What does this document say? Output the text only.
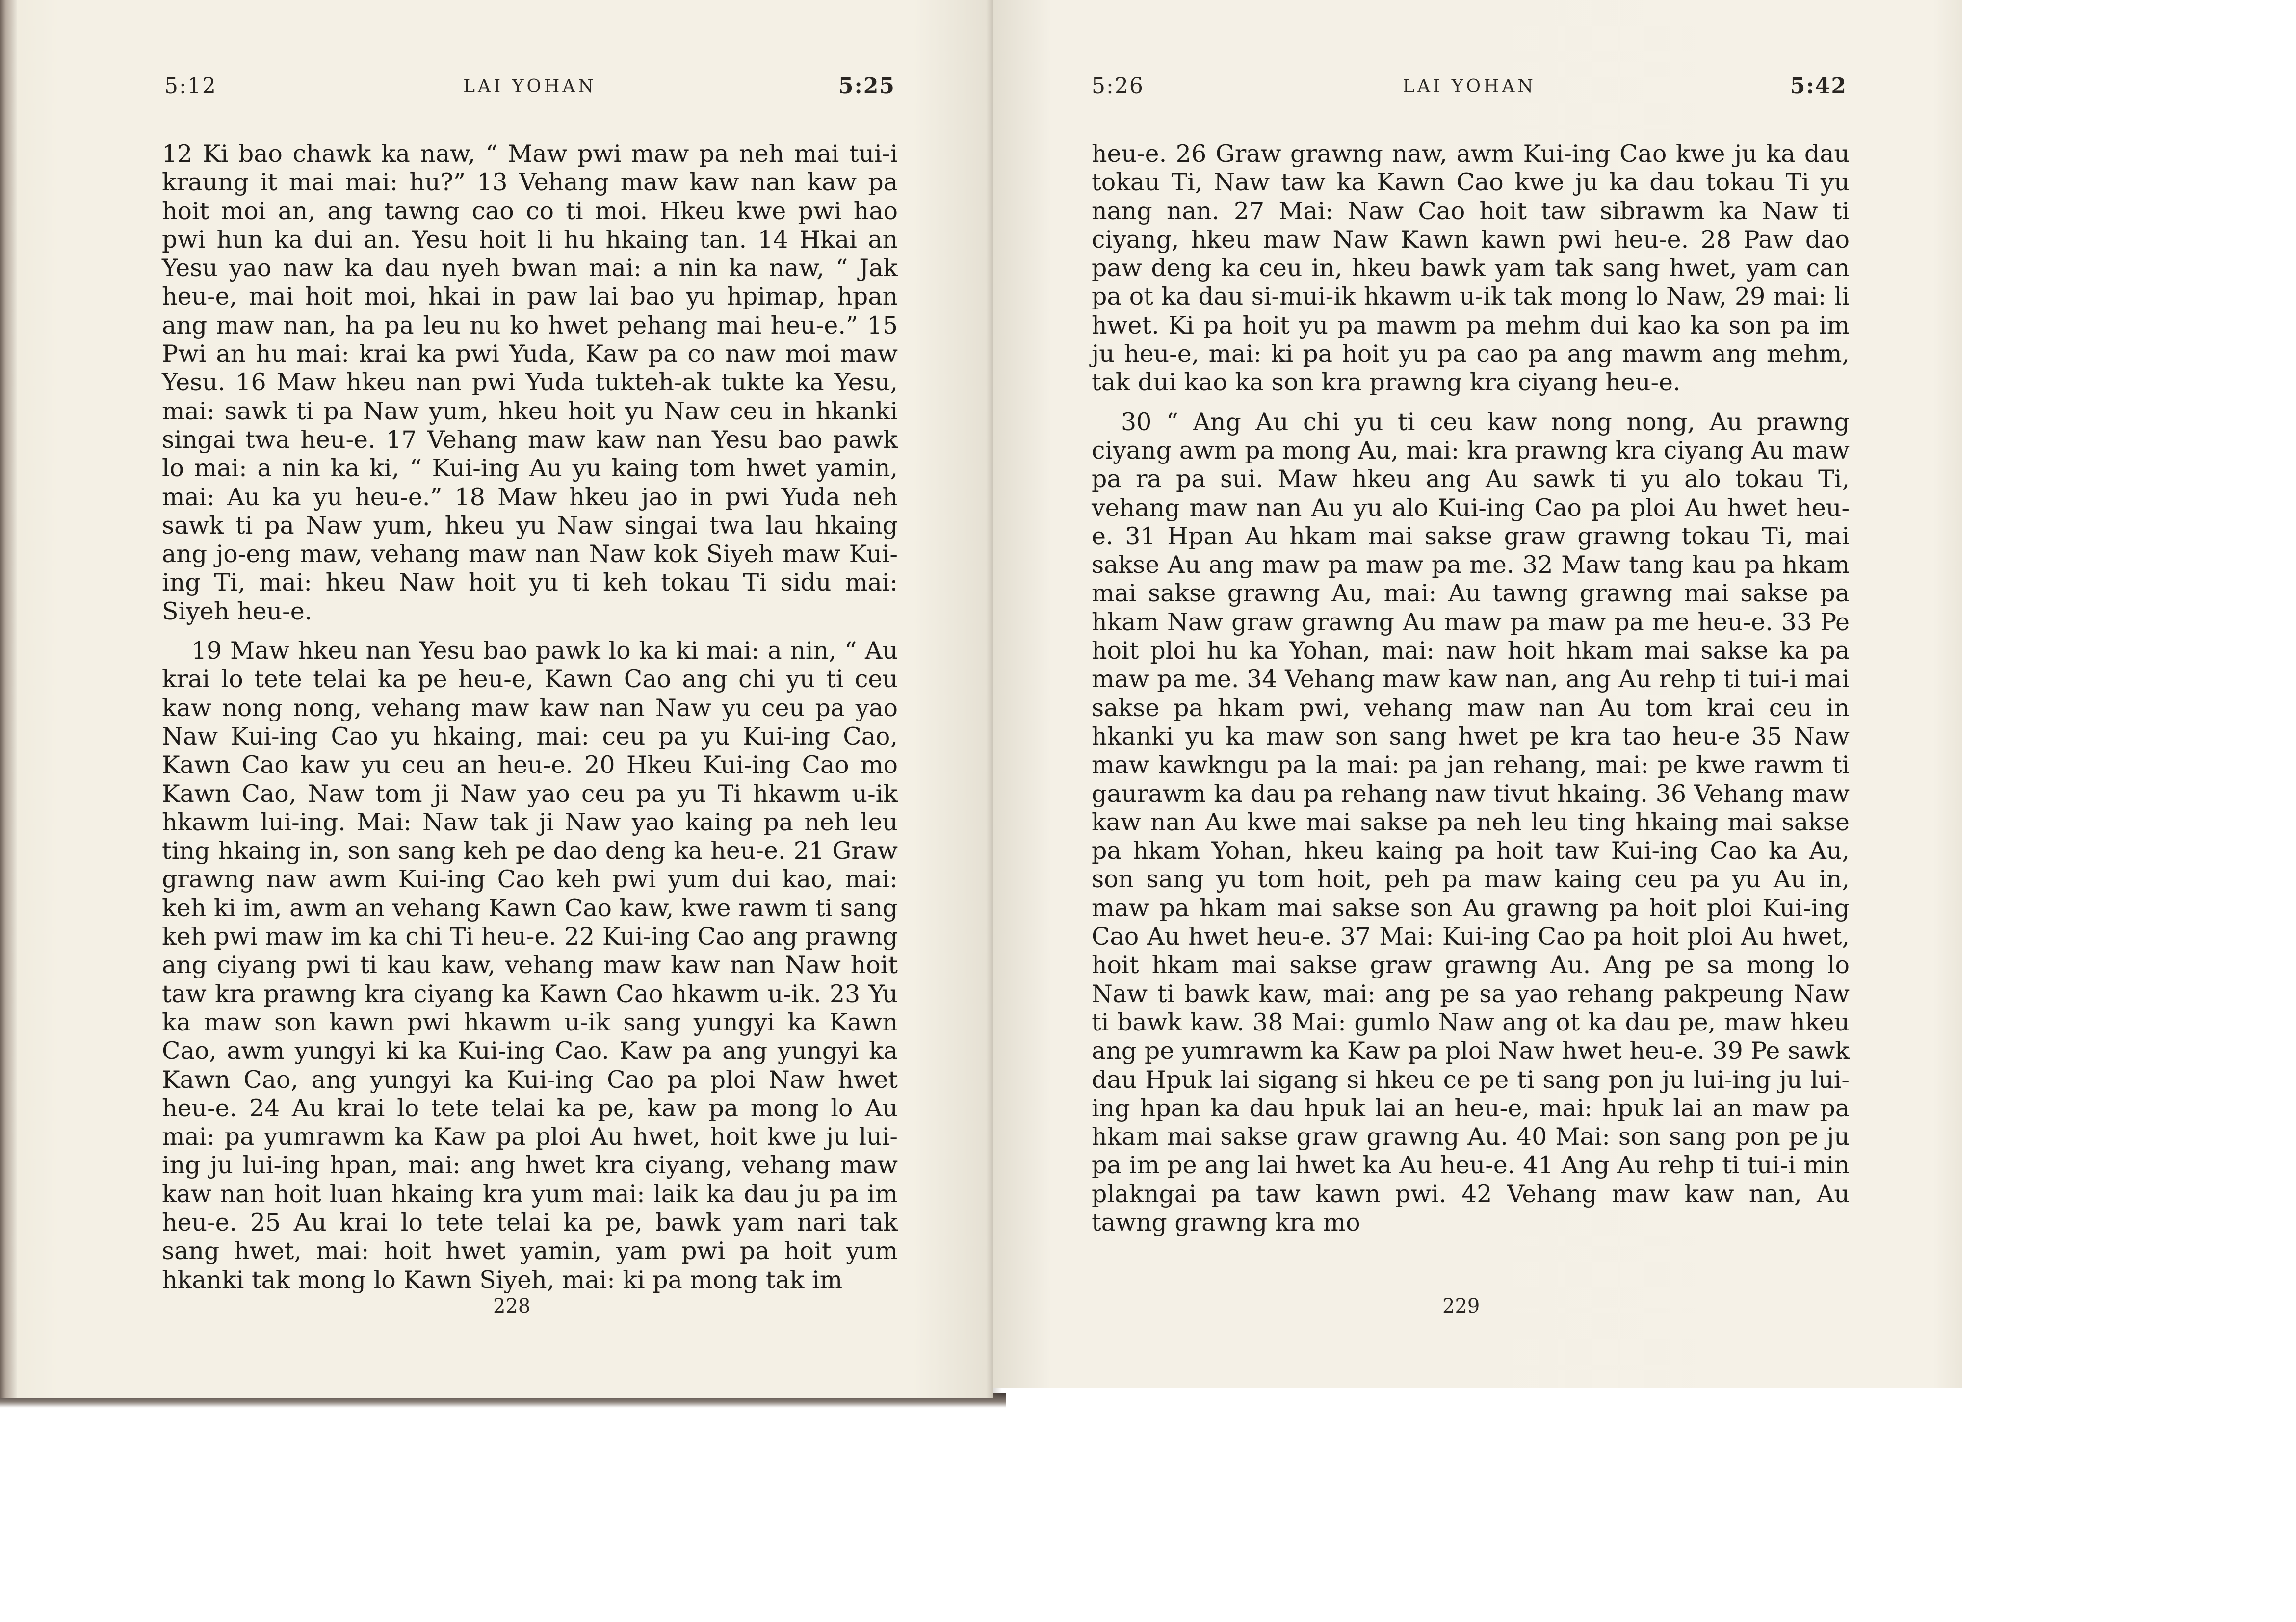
5:12	LAI YOHAN	5:25

12 Ki bao chawk ka naw, “ Maw pwi maw pa neh mai tui-i kraung it mai mai: hu?” 13 Vehang maw kaw nan kaw pa hoit moi an, ang tawng cao co ti moi. Hkeu kwe pwi hao pwi hun ka dui an. Yesu hoit li hu hkaing tan. 14 Hkai an Yesu yao naw ka dau nyeh bwan mai: a nin ka naw, “ Jak heu-e, mai hoit moi, hkai in paw lai bao yu hpimap, hpan ang maw nan, ha pa leu nu ko hwet pehang mai heu-e.” 15 Pwi an hu mai: krai ka pwi Yuda, Kaw pa co naw moi maw Yesu. 16 Maw hkeu nan pwi Yuda tukteh-ak tukte ka Yesu, mai: sawk ti pa Naw yum, hkeu hoit yu Naw ceu in hkanki singai twa heu-e. 17 Vehang maw kaw nan Yesu bao pawk lo mai: a nin ka ki, “ Kui-ing Au yu kaing tom hwet yamin, mai: Au ka yu heu-e.” 18 Maw hkeu jao in pwi Yuda neh sawk ti pa Naw yum, hkeu yu Naw singai twa lau hkaing ang jo-eng maw, vehang maw nan Naw kok Siyeh maw Kui-ing Ti, mai: hkeu Naw hoit yu ti keh tokau Ti sidu mai: Siyeh heu-e.

19 Maw hkeu nan Yesu bao pawk lo ka ki mai: a nin, “ Au krai lo tete telai ka pe heu-e, Kawn Cao ang chi yu ti ceu kaw nong nong, vehang maw kaw nan Naw yu ceu pa yao Naw Kui-ing Cao yu hkaing, mai: ceu pa yu Kui-ing Cao, Kawn Cao kaw yu ceu an heu-e. 20 Hkeu Kui-ing Cao mo Kawn Cao, Naw tom ji Naw yao ceu pa yu Ti hkawm u-ik hkawm lui-ing. Mai: Naw tak ji Naw yao kaing pa neh leu ting hkaing in, son sang keh pe dao deng ka heu-e. 21 Graw grawng naw awm Kui-ing Cao keh pwi yum dui kao, mai: keh ki im, awm an vehang Kawn Cao kaw, kwe rawm ti sang keh pwi maw im ka chi Ti heu-e. 22 Kui-ing Cao ang prawng ang ciyang pwi ti kau kaw, vehang maw kaw nan Naw hoit taw kra prawng kra ciyang ka Kawn Cao hkawm u-ik. 23 Yu ka maw son kawn pwi hkawm u-ik sang yungyi ka Kawn Cao, awm yungyi ki ka Kui-ing Cao. Kaw pa ang yungyi ka Kawn Cao, ang yungyi ka Kui-ing Cao pa ploi Naw hwet heu-e. 24 Au krai lo tete telai ka pe, kaw pa mong lo Au mai: pa yumrawm ka Kaw pa ploi Au hwet, hoit kwe ju lui-ing ju lui-ing hpan, mai: ang hwet kra ciyang, vehang maw kaw nan hoit luan hkaing kra yum mai: laik ka dau ju pa im heu-e. 25 Au krai lo tete telai ka pe, bawk yam nari tak sang hwet, mai: hoit hwet yamin, yam pwi pa hoit yum hkanki tak mong lo Kawn Siyeh, mai: ki pa mong tak im

228
5:26	LAI YOHAN	5:42

heu-e. 26 Graw grawng naw, awm Kui-ing Cao kwe ju ka dau tokau Ti, Naw taw ka Kawn Cao kwe ju ka dau tokau Ti yu nang nan. 27 Mai: Naw Cao hoit taw sibrawm ka Naw ti ciyang, hkeu maw Naw Kawn kawn pwi heu-e. 28 Paw dao paw deng ka ceu in, hkeu bawk yam tak sang hwet, yam can pa ot ka dau si-mui-ik hkawm u-ik tak mong lo Naw, 29 mai: li hwet. Ki pa hoit yu pa mawm pa mehm dui kao ka son pa im ju heu-e, mai: ki pa hoit yu pa cao pa ang mawm ang mehm, tak dui kao ka son kra prawng kra ciyang heu-e.

30 “ Ang Au chi yu ti ceu kaw nong nong, Au prawng ciyang awm pa mong Au, mai: kra prawng kra ciyang Au maw pa ra pa sui. Maw hkeu ang Au sawk ti yu alo tokau Ti, vehang maw nan Au yu alo Kui-ing Cao pa ploi Au hwet heu-e. 31 Hpan Au hkam mai sakse graw grawng tokau Ti, mai sakse Au ang maw pa maw pa me. 32 Maw tang kau pa hkam mai sakse grawng Au, mai: Au tawng grawng mai sakse pa hkam Naw graw grawng Au maw pa maw pa me heu-e. 33 Pe hoit ploi hu ka Yohan, mai: naw hoit hkam mai sakse ka pa maw pa me. 34 Vehang maw kaw nan, ang Au rehp ti tui-i mai sakse pa hkam pwi, vehang maw nan Au tom krai ceu in hkanki yu ka maw son sang hwet pe kra tao heu-e 35 Naw maw kawkngu pa la mai: pa jan rehang, mai: pe kwe rawm ti gaurawm ka dau pa rehang naw tivut hkaing. 36 Vehang maw kaw nan Au kwe mai sakse pa neh leu ting hkaing mai sakse pa hkam Yohan, hkeu kaing pa hoit taw Kui-ing Cao ka Au, son sang yu tom hoit, peh pa maw kaing ceu pa yu Au in, maw pa hkam mai sakse son Au grawng pa hoit ploi Kui-ing Cao Au hwet heu-e. 37 Mai: Kui-ing Cao pa hoit ploi Au hwet, hoit hkam mai sakse graw grawng Au. Ang pe sa mong lo Naw ti bawk kaw, mai: ang pe sa yao rehang pakpeung Naw ti bawk kaw. 38 Mai: gumlo Naw ang ot ka dau pe, maw hkeu ang pe yumrawm ka Kaw pa ploi Naw hwet heu-e. 39 Pe sawk dau Hpuk lai sigang si hkeu ce pe ti sang pon ju lui-ing ju lui-ing hpan ka dau hpuk lai an heu-e, mai: hpuk lai an maw pa hkam mai sakse graw grawng Au. 40 Mai: son sang pon pe ju pa im pe ang lai hwet ka Au heu-e. 41 Ang Au rehp ti tui-i min plakngai pa taw kawn pwi. 42 Vehang maw kaw nan, Au tawng grawng kra mo

229
